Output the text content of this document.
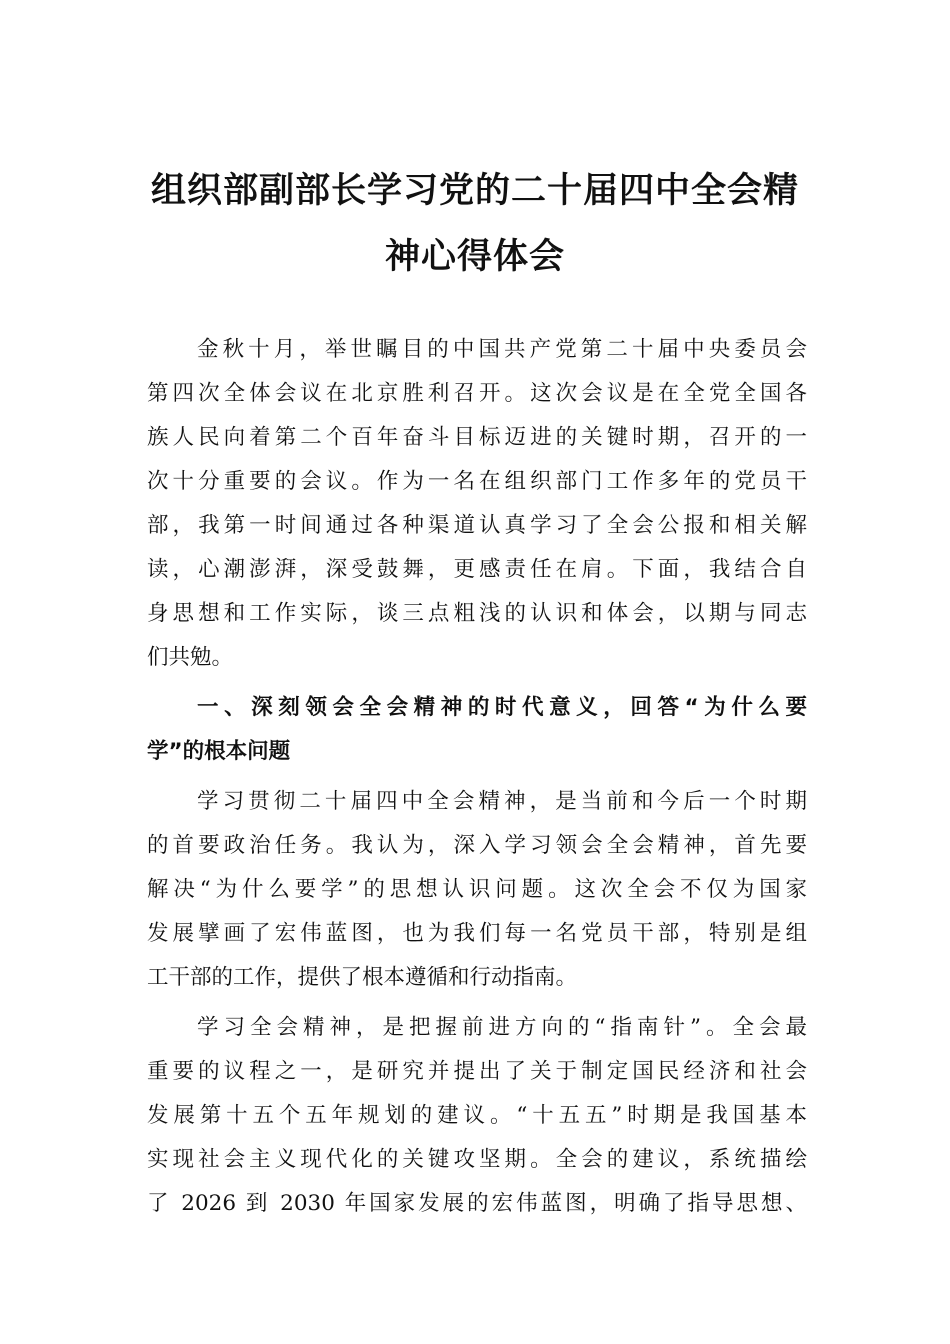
组织部副部长学习党的二十届四中全会精
神心得体会
金秋十月，举世瞩目的中国共产党第二十届中央委员会
第四次全体会议在北京胜利召开。这次会议是在全党全国各
族人民向着第二个百年奋斗目标迈进的关键时期，召开的一
次十分重要的会议。作为一名在组织部门工作多年的党员干
部，我第一时间通过各种渠道认真学习了全会公报和相关解
读，心潮澎湃，深受鼓舞，更感责任在肩。下面，我结合自
身思想和工作实际，谈三点粗浅的认识和体会，以期与同志
们共勉。
一、深刻领会全会精神的时代意义，回答“为什么要
学”的根本问题
学习贯彻二十届四中全会精神，是当前和今后一个时期
的首要政治任务。我认为，深入学习领会全会精神，首先要
解决“为什么要学”的思想认识问题。这次全会不仅为国家
发展擘画了宏伟蓝图，也为我们每一名党员干部，特别是组
工干部的工作，提供了根本遵循和行动指南。
学习全会精神，是把握前进方向的“指南针”。全会最
重要的议程之一，是研究并提出了关于制定国民经济和社会
发展第十五个五年规划的建议。“十五五”时期是我国基本
实现社会主义现代化的关键攻坚期。全会的建议，系统描绘
了 2026 到 2030 年国家发展的宏伟蓝图，明确了指导思想、
